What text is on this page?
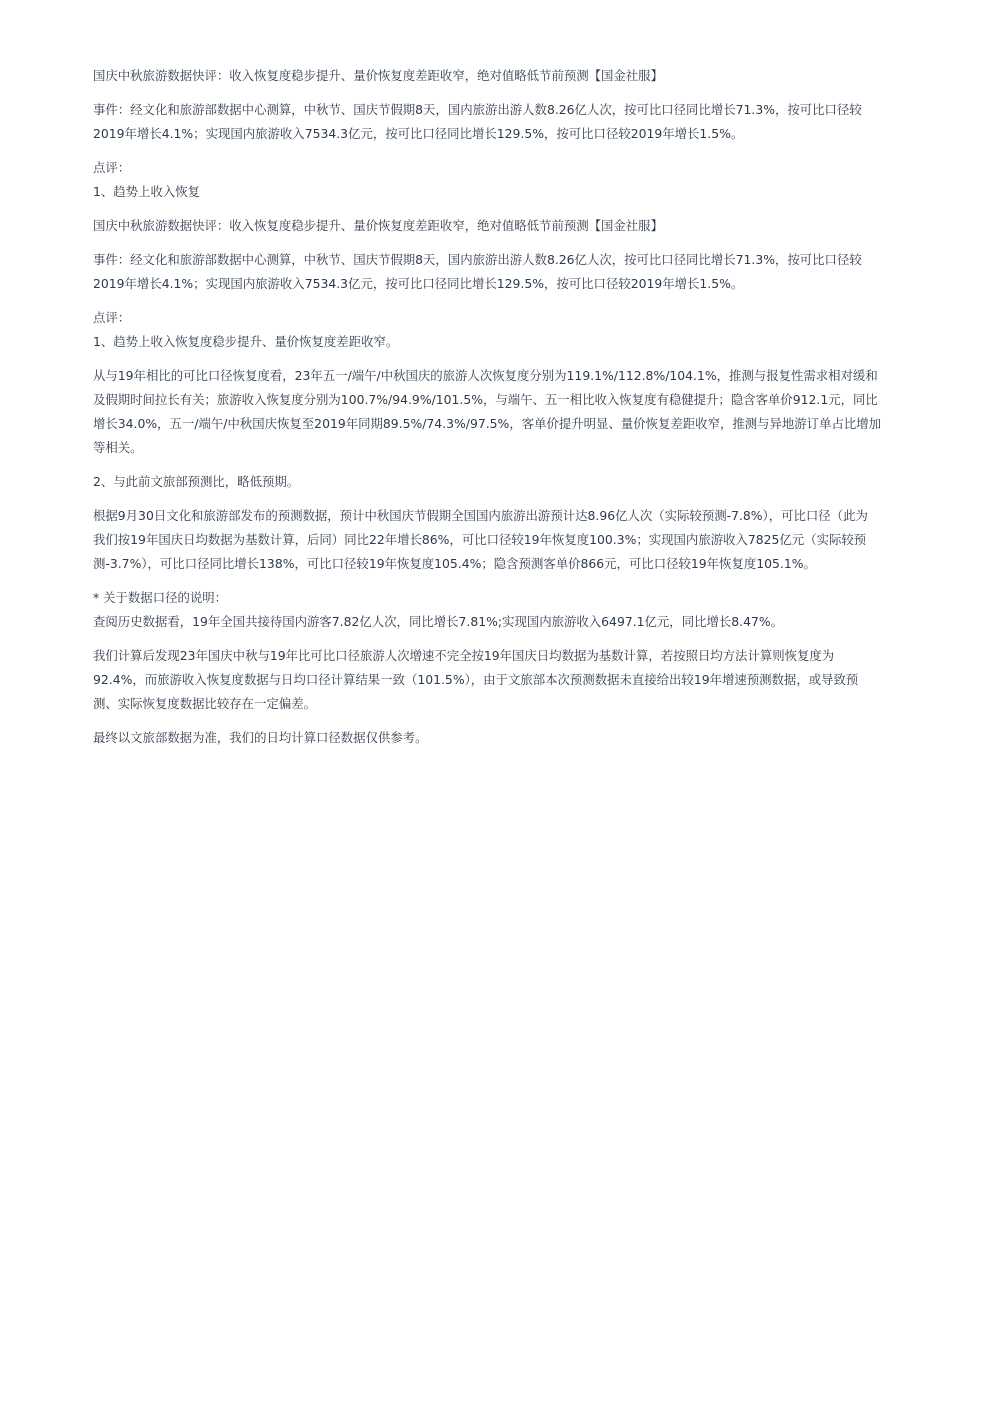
国庆中秋旅游数据快评：收入恢复度稳步提升、量价恢复度差距收窄，绝对值略低节前预测【国金社服】
事件：经文化和旅游部数据中心测算，中秋节、国庆节假期8天，国内旅游出游人数8.26亿人次，按可比口径同比增长71.3%，按可比口径较
2019年增长4.1%；实现国内旅游收入7534.3亿元，按可比口径同比增长129.5%，按可比口径较2019年增长1.5%。
点评：
1、趋势上收入恢复
国庆中秋旅游数据快评：收入恢复度稳步提升、量价恢复度差距收窄，绝对值略低节前预测【国金社服】
事件：经文化和旅游部数据中心测算，中秋节、国庆节假期8天，国内旅游出游人数8.26亿人次，按可比口径同比增长71.3%，按可比口径较
2019年增长4.1%；实现国内旅游收入7534.3亿元，按可比口径同比增长129.5%，按可比口径较2019年增长1.5%。
点评：
1、趋势上收入恢复度稳步提升、量价恢复度差距收窄。
从与19年相比的可比口径恢复度看，23年五一/端午/中秋国庆的旅游人次恢复度分别为119.1%/112.8%/104.1%，推测与报复性需求相对缓和
及假期时间拉长有关；旅游收入恢复度分别为100.7%/94.9%/101.5%，与端午、五一相比收入恢复度有稳健提升；隐含客单价912.1元，同比
增长34.0%，五一/端午/中秋国庆恢复至2019年同期89.5%/74.3%/97.5%，客单价提升明显、量价恢复差距收窄，推测与异地游订单占比增加
等相关。
2、与此前文旅部预测比，略低预期。
根据9月30日文化和旅游部发布的预测数据，预计中秋国庆节假期全国国内旅游出游预计达8.96亿人次（实际较预测-7.8%），可比口径（此为
我们按19年国庆日均数据为基数计算，后同）同比22年增长86%，可比口径较19年恢复度100.3%；实现国内旅游收入7825亿元（实际较预
测-3.7%），可比口径同比增长138%，可比口径较19年恢复度105.4%；隐含预测客单价866元，可比口径较19年恢复度105.1%。
* 关于数据口径的说明：
查阅历史数据看，19年全国共接待国内游客7.82亿人次，同比增长7.81%;实现国内旅游收入6497.1亿元，同比增长8.47%。
我们计算后发现23年国庆中秋与19年比可比口径旅游人次增速不完全按19年国庆日均数据为基数计算，若按照日均方法计算则恢复度为
92.4%，而旅游收入恢复度数据与日均口径计算结果一致（101.5%），由于文旅部本次预测数据未直接给出较19年增速预测数据，或导致预
测、实际恢复度数据比较存在一定偏差。
最终以文旅部数据为准，我们的日均计算口径数据仅供参考。
